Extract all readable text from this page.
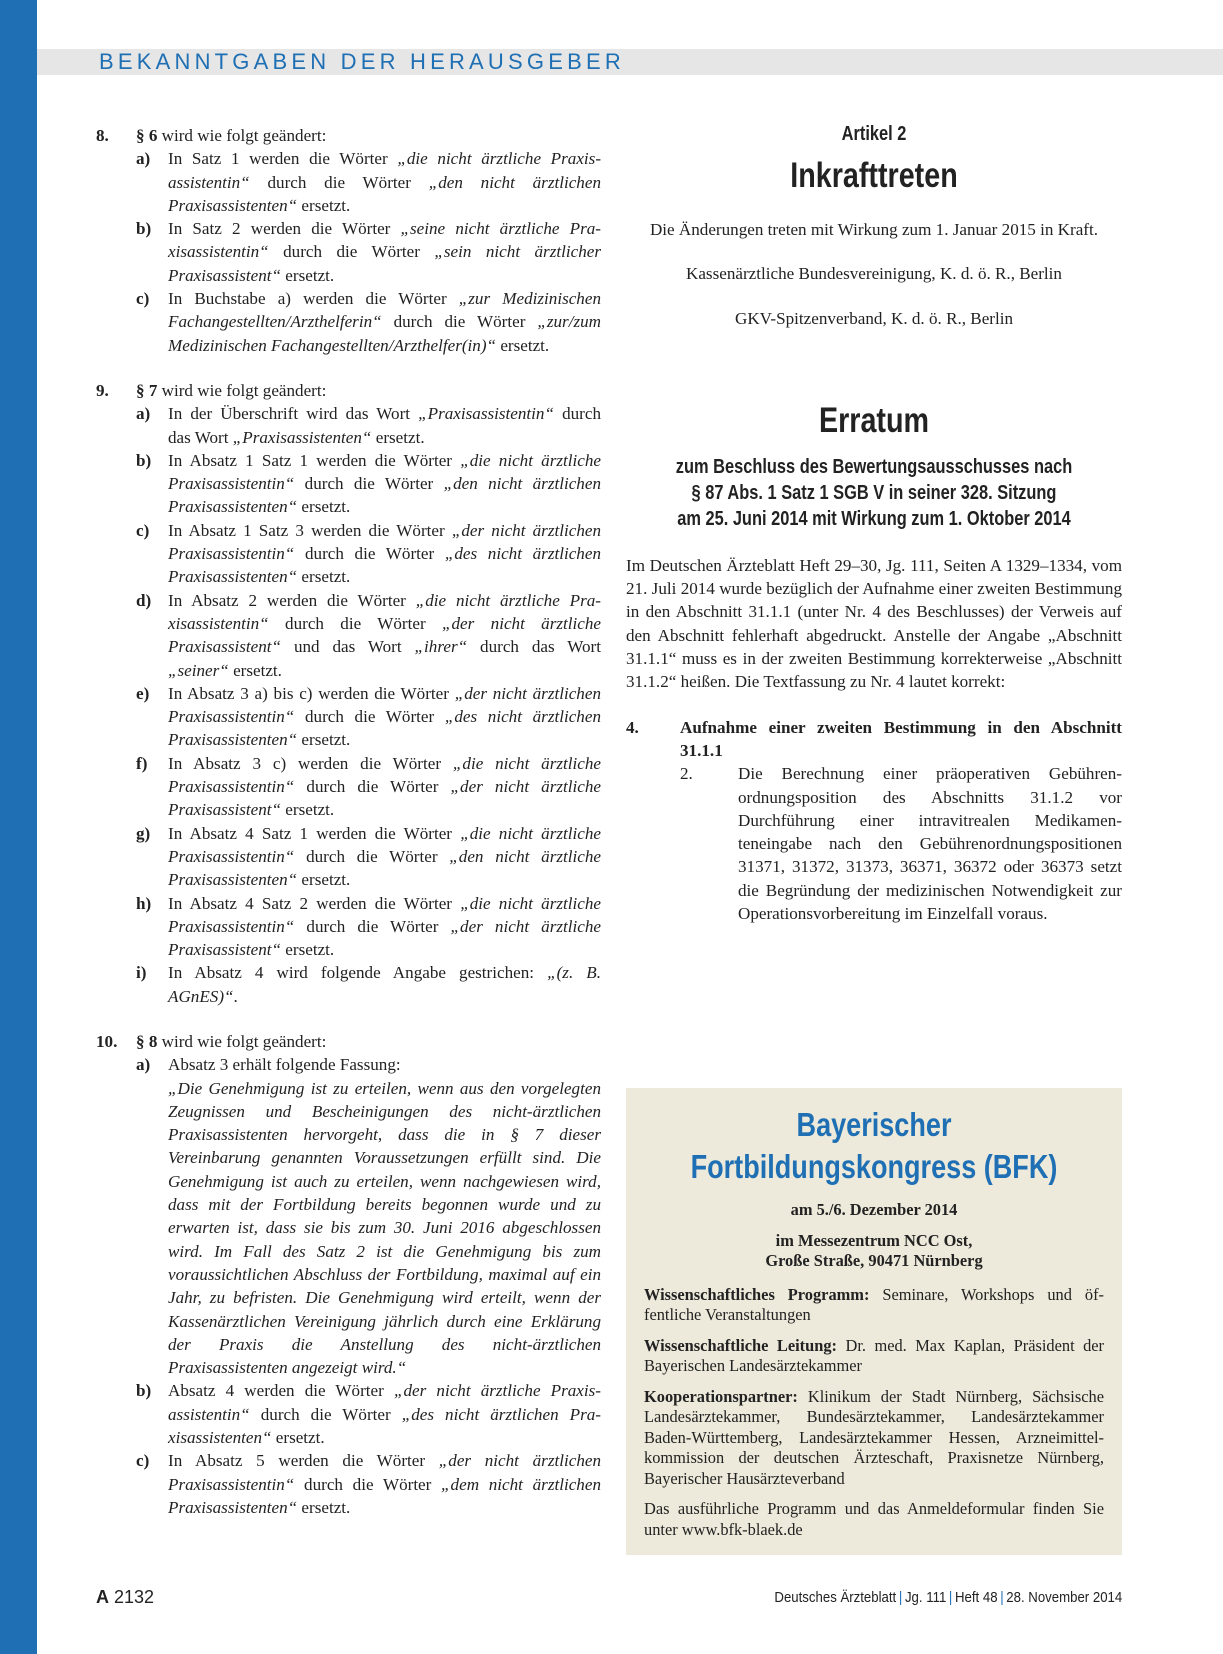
BEKANNTGABEN DER HERAUSGEBER
8. § 6 wird wie folgt geändert:
a) In Satz 1 werden die Wörter „die nicht ärztliche Praxisassistentin“ durch die Wörter „den nicht ärztlichen Praxisassistenten“ ersetzt.
b) In Satz 2 werden die Wörter „seine nicht ärztliche Praxisassistentin“ durch die Wörter „sein nicht ärztlicher Praxisassistent“ ersetzt.
c) In Buchstabe a) werden die Wörter „zur Medizinischen Fachangestellten/Arzthelferin“ durch die Wörter „zur/zum Medizinischen Fachangestellten/Arzthelfer(in)“ ersetzt.
9. § 7 wird wie folgt geändert:
a) In der Überschrift wird das Wort „Praxisassistentin“ durch das Wort „Praxisassistenten“ ersetzt.
b) In Absatz 1 Satz 1 werden die Wörter „die nicht ärztliche Praxisassistentin“ durch die Wörter „den nicht ärztlichen Praxisassistenten“ ersetzt.
c) In Absatz 1 Satz 3 werden die Wörter „der nicht ärztlichen Praxisassistentin“ durch die Wörter „des nicht ärztlichen Praxisassistenten“ ersetzt.
d) In Absatz 2 werden die Wörter „die nicht ärztliche Praxisassistentin“ durch die Wörter „der nicht ärztliche Praxisassistent“ und das Wort „ihrer“ durch das Wort „seiner“ ersetzt.
e) In Absatz 3 a) bis c) werden die Wörter „der nicht ärztlichen Praxisassistentin“ durch die Wörter „des nicht ärztlichen Praxisassistenten“ ersetzt.
f) In Absatz 3 c) werden die Wörter „die nicht ärztliche Praxisassistentin“ durch die Wörter „der nicht ärztliche Praxisassistent“ ersetzt.
g) In Absatz 4 Satz 1 werden die Wörter „die nicht ärztliche Praxisassistentin“ durch die Wörter „den nicht ärztliche Praxisassistenten“ ersetzt.
h) In Absatz 4 Satz 2 werden die Wörter „die nicht ärztliche Praxisassistentin“ durch die Wörter „der nicht ärztliche Praxisassistent“ ersetzt.
i) In Absatz 4 wird folgende Angabe gestrichen: „(z. B. AGnES)“.
10. § 8 wird wie folgt geändert:
a) Absatz 3 erhält folgende Fassung:
„Die Genehmigung ist zu erteilen, wenn aus den vorgelegten Zeugnissen und Bescheinigungen des nicht-ärztlichen Praxisassistenten hervorgeht, dass die in § 7 dieser Vereinbarung genannten Voraussetzungen erfüllt sind. Die Genehmigung ist auch zu erteilen, wenn nachgewiesen wird, dass mit der Fortbildung bereits begonnen wurde und zu erwarten ist, dass sie bis zum 30. Juni 2016 abgeschlossen wird. Im Fall des Satz 2 ist die Genehmigung bis zum voraussichtlichen Abschluss der Fortbildung, maximal auf ein Jahr, zu befristen. Die Genehmigung wird erteilt, wenn der Kassenärztlichen Vereinigung jährlich durch eine Erklärung der Praxis die Anstellung des nicht-ärztlichen Praxisassistenten angezeigt wird.“
b) Absatz 4 werden die Wörter „der nicht ärztliche Praxisassistentin“ durch die Wörter „des nicht ärztlichen Praxisassistenten“ ersetzt.
c) In Absatz 5 werden die Wörter „der nicht ärztlichen Praxisassistentin“ durch die Wörter „dem nicht ärztlichen Praxisassistenten“ ersetzt.
Artikel 2
Inkrafttreten
Die Änderungen treten mit Wirkung zum 1. Januar 2015 in Kraft.
Kassenärztliche Bundesvereinigung, K. d. ö. R., Berlin
GKV-Spitzenverband, K. d. ö. R., Berlin
Erratum
zum Beschluss des Bewertungsausschusses nach
§ 87 Abs. 1 Satz 1 SGB V in seiner 328. Sitzung
am 25. Juni 2014 mit Wirkung zum 1. Oktober 2014
Im Deutschen Ärzteblatt Heft 29–30, Jg. 111, Seiten A 1329–1334, vom 21. Juli 2014 wurde bezüglich der Aufnahme einer zweiten Bestimmung in den Abschnitt 31.1.1 (unter Nr. 4 des Beschlusses) der Verweis auf den Abschnitt fehlerhaft abgedruckt. Anstelle der Angabe „Abschnitt 31.1.1“ muss es in der zweiten Bestimmung korrekterweise „Abschnitt 31.1.2“ heißen. Die Textfassung zu Nr. 4 lautet korrekt:
4. Aufnahme einer zweiten Bestimmung in den Abschnitt 31.1.1
2.	Die Berechnung einer präoperativen Gebührenordnungsposition des Abschnitts 31.1.2 vor Durchführung einer intravitrealen Medikamenteneingabe nach den Gebührenordnungspositionen 31371, 31372, 31373, 36371, 36372 oder 36373 setzt die Begründung der medizinischen Notwendigkeit zur Operationsvorbereitung im Einzelfall voraus.
Bayerischer
Fortbildungskongress (BFK)
am 5./6. Dezember 2014
im Messezentrum NCC Ost,
Große Straße, 90471 Nürnberg
Wissenschaftliches Programm: Seminare, Workshops und öffentliche Veranstaltungen
Wissenschaftliche Leitung: Dr. med. Max Kaplan, Präsident der Bayerischen Landesärztekammer
Kooperationspartner: Klinikum der Stadt Nürnberg, Sächsische Landesärztekammer, Bundesärztekammer, Landesärztekammer Baden-Württemberg, Landesärztekammer Hessen, Arzneimittelkommission der deutschen Ärzteschaft, Praxisnetze Nürnberg, Bayerischer Hausärzteverband
Das ausführliche Programm und das Anmeldeformular finden Sie unter www.bfk-blaek.de
A 2132	Deutsches Ärzteblatt | Jg. 111 | Heft 48 | 28. November 2014
